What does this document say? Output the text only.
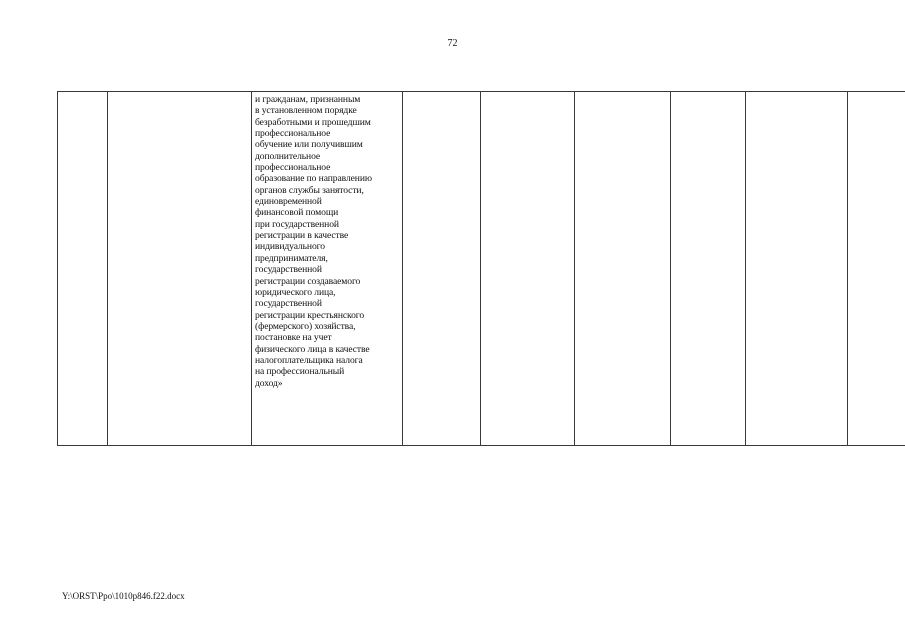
72

и гражданам, признанным
в установленном порядке
безработными и прошедшим
профессиональное
обучение или получившим
дополнительное
профессиональное
образование по направлению
органов службы занятости,
единовременной
финансовой помощи
при государственной
регистрации в качестве
индивидуального
предпринимателя,
государственной
регистрации создаваемого
юридического лица,
государственной
регистрации крестьянского
(фермерского) хозяйства,
постановке на учет
физического лица в качестве
налогоплательщика налога
на профессиональный
доход»

Y:\ORST\Ppo\1010p846.f22.docx
